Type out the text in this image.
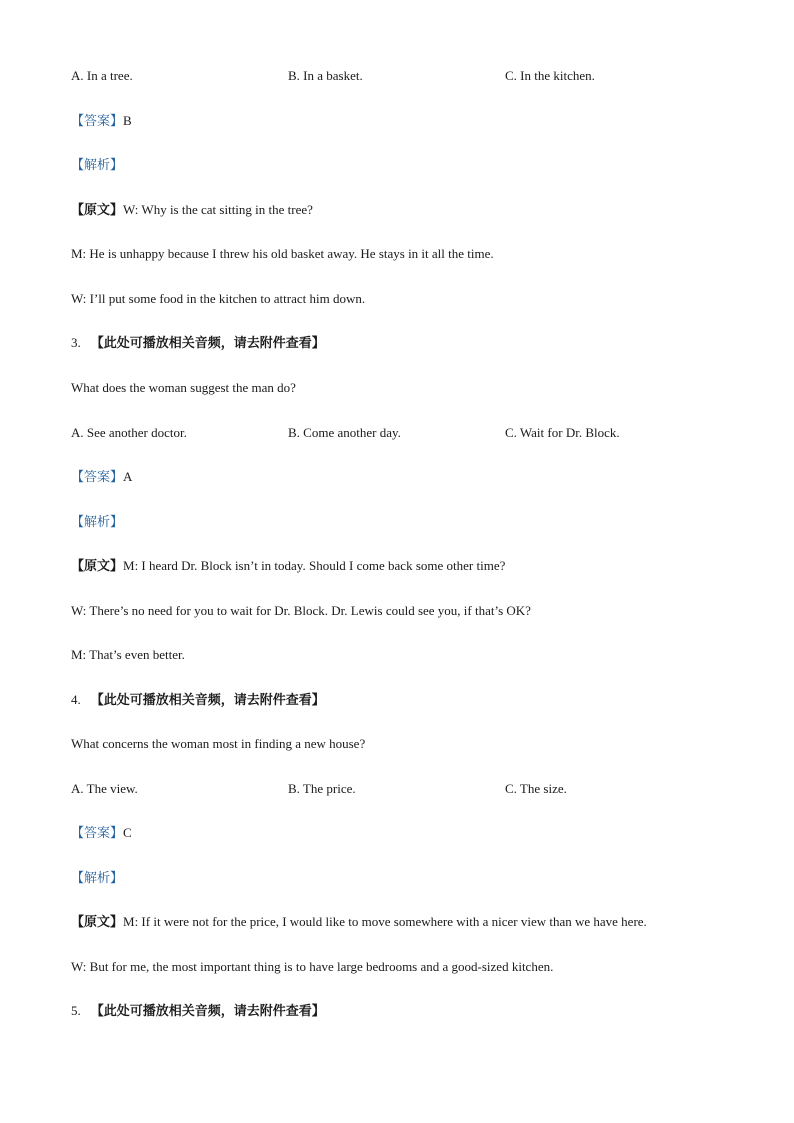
A. In a tree.	B. In a basket.	C. In the kitchen.
【答案】B
【解析】
【原文】W: Why is the cat sitting in the tree?
M: He is unhappy because I threw his old basket away. He stays in it all the time.
W: I’ll put some food in the kitchen to attract him down.
3. 【此处可播放相关音频，请去附件查看】
What does the woman suggest the man do?
A. See another doctor.	B. Come another day.	C. Wait for Dr. Block.
【答案】A
【解析】
【原文】M: I heard Dr. Block isn’t in today. Should I come back some other time?
W: There’s no need for you to wait for Dr. Block. Dr. Lewis could see you, if that’s OK?
M: That’s even better.
4. 【此处可播放相关音频，请去附件查看】
What concerns the woman most in finding a new house?
A. The view.	B. The price.	C. The size.
【答案】C
【解析】
【原文】M: If it were not for the price, I would like to move somewhere with a nicer view than we have here.
W: But for me, the most important thing is to have large bedrooms and a good-sized kitchen.
5. 【此处可播放相关音频，请去附件查看】
